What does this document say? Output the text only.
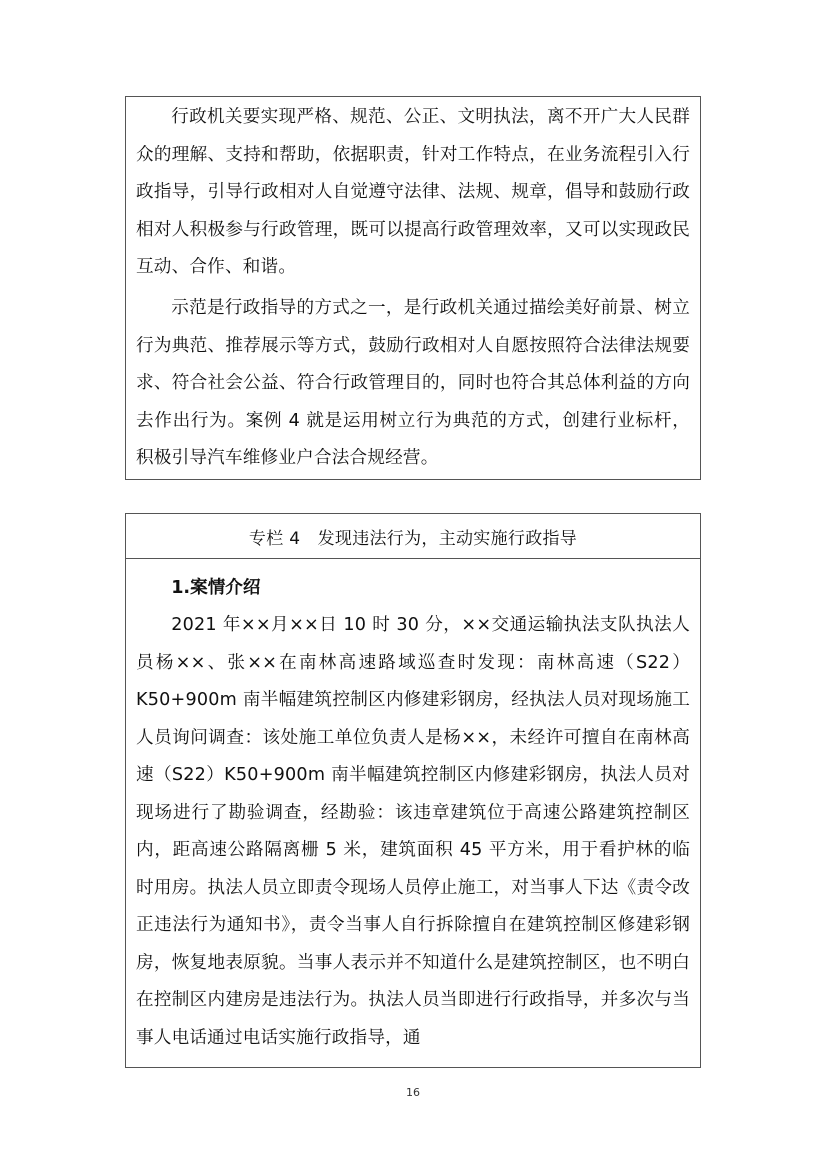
行政机关要实现严格、规范、公正、文明执法，离不开广大人民群众的理解、支持和帮助，依据职责，针对工作特点，在业务流程引入行政指导，引导行政相对人自觉遵守法律、法规、规章，倡导和鼓励行政相对人积极参与行政管理，既可以提高行政管理效率，又可以实现政民互动、合作、和谐。

示范是行政指导的方式之一，是行政机关通过描绘美好前景、树立行为典范、推荐展示等方式，鼓励行政相对人自愿按照符合法律法规要求、符合社会公益、符合行政管理目的，同时也符合其总体利益的方向去作出行为。案例 4 就是运用树立行为典范的方式，创建行业标杆，积极引导汽车维修业户合法合规经营。

专栏 4　发现违法行为，主动实施行政指导

1.案情介绍

2021 年××月××日 10 时 30 分，××交通运输执法支队执法人员杨××、张××在南林高速路域巡查时发现：南林高速（S22）K50+900m 南半幅建筑控制区内修建彩钢房，经执法人员对现场施工人员询问调查：该处施工单位负责人是杨××，未经许可擅自在南林高速（S22）K50+900m 南半幅建筑控制区内修建彩钢房，执法人员对现场进行了勘验调查，经勘验：该违章建筑位于高速公路建筑控制区内，距高速公路隔离栅 5 米，建筑面积 45 平方米，用于看护林的临时用房。执法人员立即责令现场人员停止施工，对当事人下达《责令改正违法行为通知书》，责令当事人自行拆除擅自在建筑控制区修建彩钢房，恢复地表原貌。当事人表示并不知道什么是建筑控制区，也不明白在控制区内建房是违法行为。执法人员当即进行行政指导，并多次与当事人电话通过电话实施行政指导，通

16
